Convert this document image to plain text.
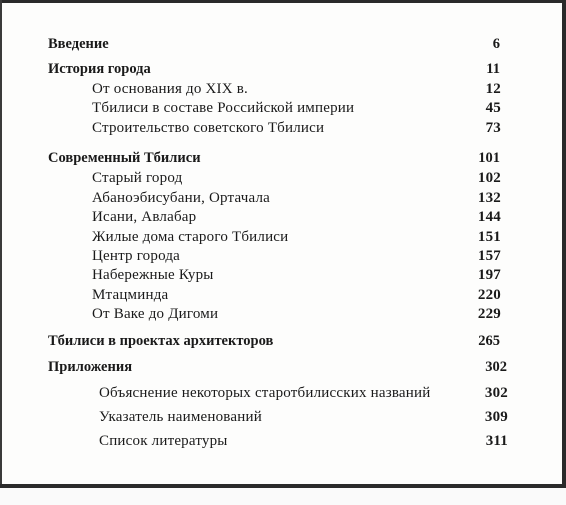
Введение	6
История города	11
От основания до XIX в.	12
Тбилиси в составе Российской империи	45
Строительство советского Тбилиси	73
Современный Тбилиси	101
Старый город	102
Абаноэбисубани, Ортачала	132
Исани, Авлабар	144
Жилые дома старого Тбилиси	151
Центр города	157
Набережные Куры	197
Мтацминда	220
От Ваке до Дигоми	229
Тбилиси в проектах архитекторов	265
Приложения	302
Объяснение некоторых старотбилисских названий	302
Указатель наименований	309
Список литературы	311
